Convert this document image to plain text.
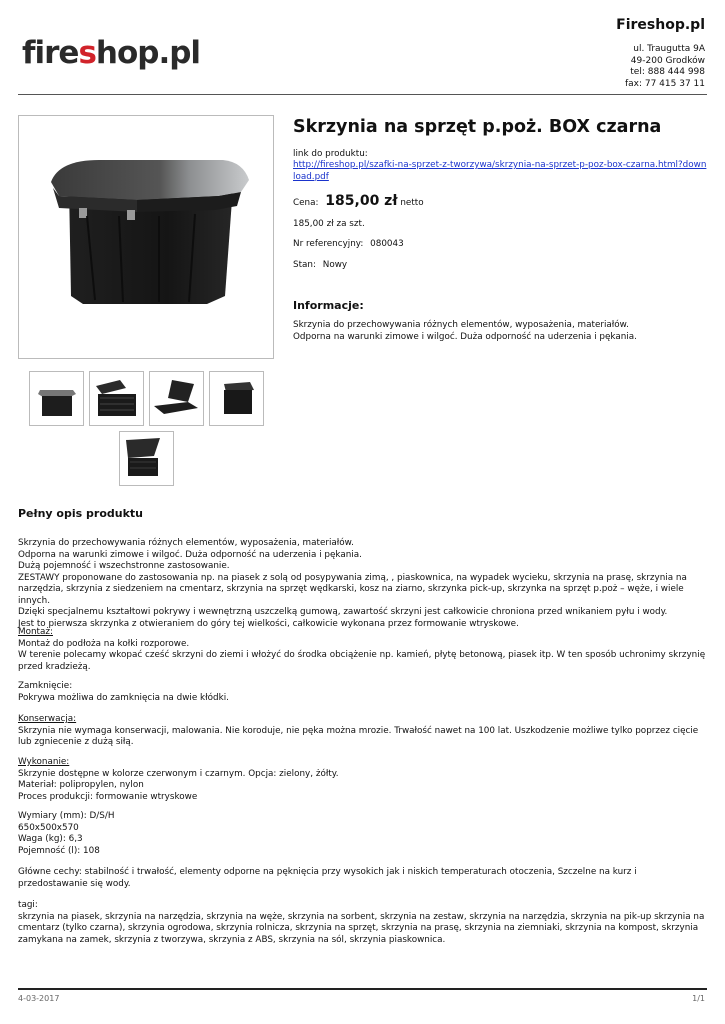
fireshop.pl
Fireshop.pl
ul. Traugutta 9A
49-200 Grodków
tel: 888 444 998
fax: 77 415 37 11
Skrzynia na sprzęt p.poż. BOX czarna
link do produktu:
http://fireshop.pl/szafki-na-sprzet-z-tworzywa/skrzynia-na-sprzet-p-poz-box-czarna.html?download.pdf
Cena: 185,00 zł netto
185,00 zł za szt.
Nr referencyjny: 080043
Stan: Nowy
Informacje:
Skrzynia do przechowywania różnych elementów, wyposażenia, materiałów.
Odporna na warunki zimowe i wilgoć. Duża odporność na uderzenia i pękania.
Pełny opis produktu
Skrzynia do przechowywania różnych elementów, wyposażenia, materiałów.
Odporna na warunki zimowe i wilgoć. Duża odporność na uderzenia i pękania.
Dużą pojemność i wszechstronne zastosowanie.
ZESTAWY proponowane do zastosowania np. na piasek z solą od posypywania zimą, , piaskownica, na wypadek wycieku, skrzynia na prasę, skrzynia na narzędzia, skrzynia z siedzeniem na cmentarz, skrzynia na sprzęt wędkarski, kosz na ziarno, skrzynka pick-up, skrzynka na sprzęt p.poż – węże, i wiele innych.
Dzięki specjalnemu kształtowi pokrywy i wewnętrzną uszczelką gumową, zawartość skrzyni jest całkowicie chroniona przed wnikaniem pyłu i wody.
Jest to pierwsza skrzynka z otwieraniem do góry tej wielkości, całkowicie wykonana przez formowanie wtryskowe.
Montaż:
Montaż do podłoża na kołki rozporowe.
W terenie polecamy wkopać cześć skrzyni do ziemi i włożyć do środka obciążenie np. kamień, płytę betonową, piasek itp. W ten sposób uchronimy skrzynię przed kradzieżą.
Zamknięcie:
Pokrywa możliwa do zamknięcia na dwie kłódki.
Konserwacja:
Skrzynia nie wymaga konserwacji, malowania. Nie koroduje, nie pęka można mrozie. Trwałość nawet na 100 lat. Uszkodzenie możliwe tylko poprzez cięcie lub zgniecenie z dużą siłą.
Wykonanie:
Skrzynie dostępne w kolorze czerwonym i czarnym. Opcja: zielony, żółty.
Materiał: polipropylen, nylon
Proces produkcji: formowanie wtryskowe
Wymiary (mm): D/S/H
650x500x570
Waga (kg): 6,3
Pojemność (l): 108
Główne cechy: stabilność i trwałość, elementy odporne na pęknięcia przy wysokich jak i niskich temperaturach otoczenia, Szczelne na kurz i przedostawanie się wody.
tagi:
skrzynia na piasek, skrzynia na narzędzia, skrzynia na węże, skrzynia na sorbent, skrzynia na zestaw, skrzynia na narzędzia, skrzynia na pik-up skrzynia na cmentarz (tylko czarna), skrzynia ogrodowa, skrzynia rolnicza, skrzynia na sprzęt, skrzynia na prasę, skrzynia na ziemniaki, skrzynia na kompost, skrzynia zamykana na zamek, skrzynia z tworzywa, skrzynia z ABS, skrzynia na sól, skrzynia piaskownica.
4-03-2017	1/1
